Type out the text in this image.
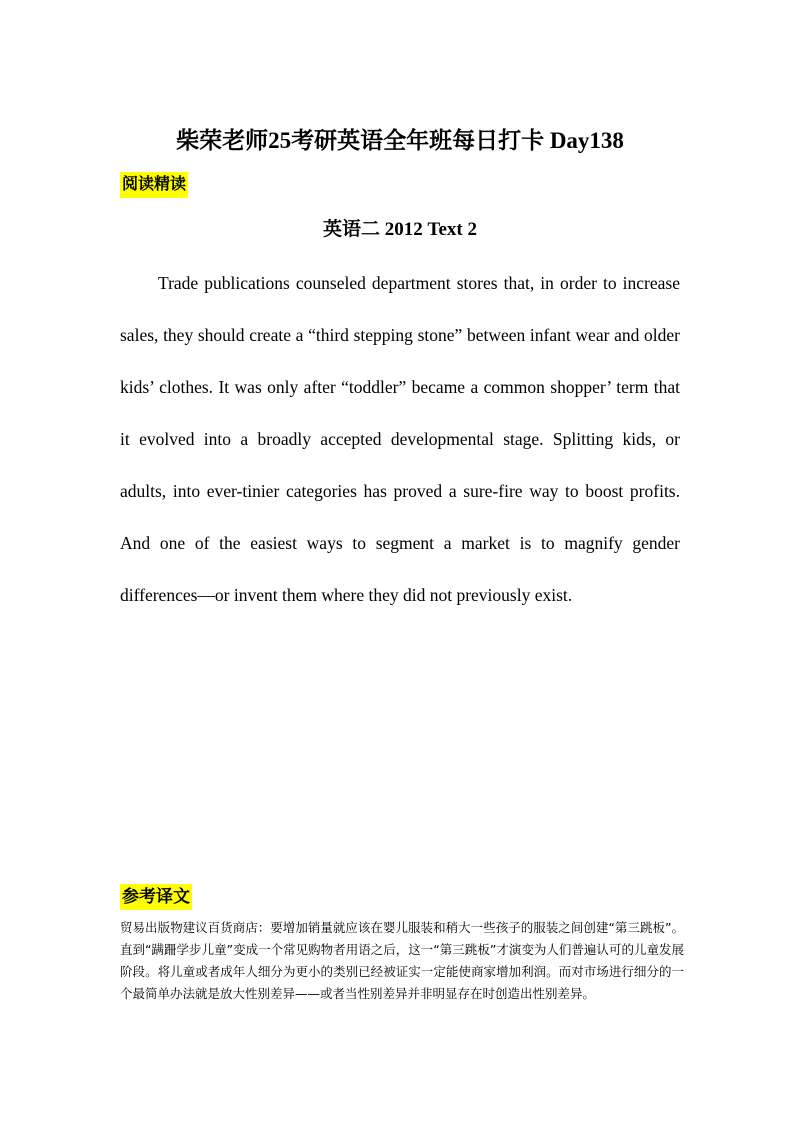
柴荣老师25考研英语全年班每日打卡 Day138
阅读精读
英语二 2012 Text 2

Trade publications counseled department stores that, in order to increase sales, they should create a “third stepping stone” between infant wear and older kids’ clothes. It was only after “toddler” became a common shopper’ term that it evolved into a broadly accepted developmental stage. Splitting kids, or adults, into ever-tinier categories has proved a sure-fire way to boost profits. And one of the easiest ways to segment a market is to magnify gender differences—or invent them where they did not previously exist.

参考译文

贸易出版物建议百货商店：要增加销量就应该在婴儿服装和稍大一些孩子的服装之间创建“第三跳板”。直到“蹒跚学步儿童”变成一个常见购物者用语之后，这一“第三跳板”才演变为人们普遍认可的儿童发展阶段。将儿童或者成年人细分为更小的类别已经被证实一定能使商家增加利润。而对市场进行细分的一个最简单办法就是放大性别差异——或者当性别差异并非明显存在时创造出性别差异。
